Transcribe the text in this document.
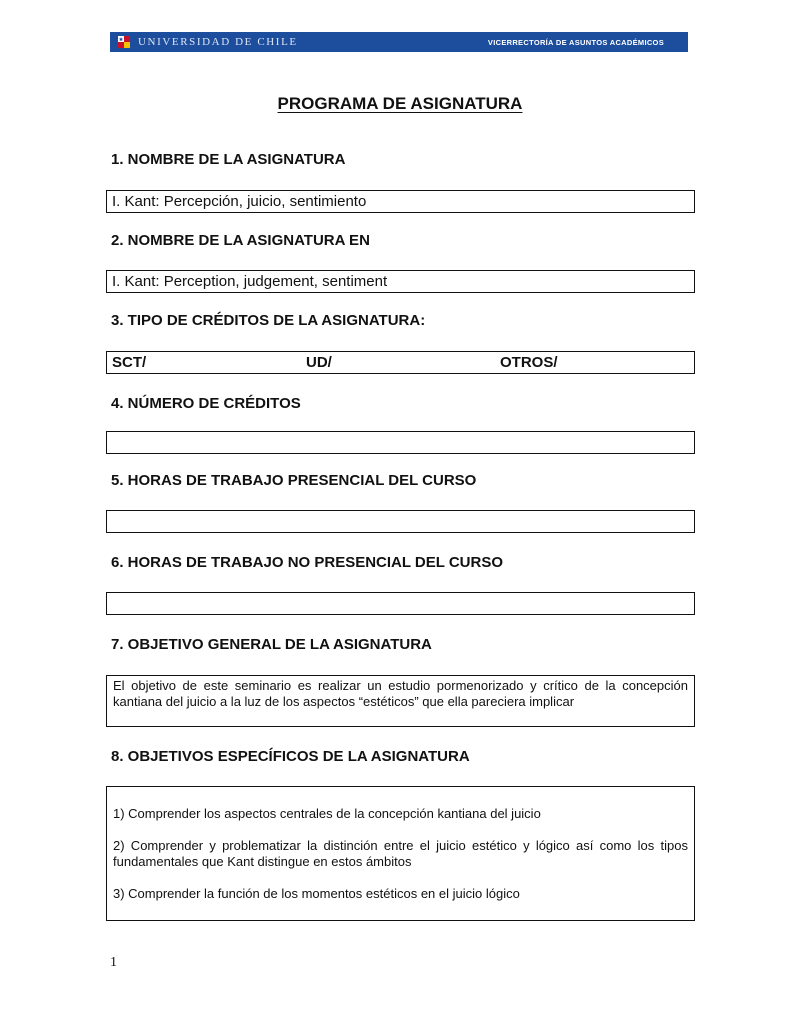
UNIVERSIDAD DE CHILE	VICERRECTORÍA DE ASUNTOS ACADÉMICOS
PROGRAMA DE ASIGNATURA
1. NOMBRE DE LA ASIGNATURA
I. Kant: Percepción, juicio, sentimiento
2. NOMBRE DE LA ASIGNATURA EN
I. Kant: Perception, judgement, sentiment
3. TIPO DE CRÉDITOS DE LA ASIGNATURA:
SCT/	UD/	OTROS/
4. NÚMERO DE CRÉDITOS
5. HORAS DE TRABAJO PRESENCIAL DEL CURSO
6. HORAS DE TRABAJO NO PRESENCIAL DEL CURSO
7. OBJETIVO GENERAL DE LA ASIGNATURA
El objetivo de este seminario es realizar un estudio pormenorizado y crítico de la concepción kantiana del juicio a la luz de los aspectos “estéticos” que ella pareciera implicar
8. OBJETIVOS ESPECÍFICOS DE LA ASIGNATURA

1) Comprender los aspectos centrales de la concepción kantiana del juicio

2) Comprender y problematizar la distinción entre el juicio estético y lógico así como los tipos fundamentales que Kant distingue en estos ámbitos

3) Comprender la función de los momentos estéticos en el juicio lógico

1
